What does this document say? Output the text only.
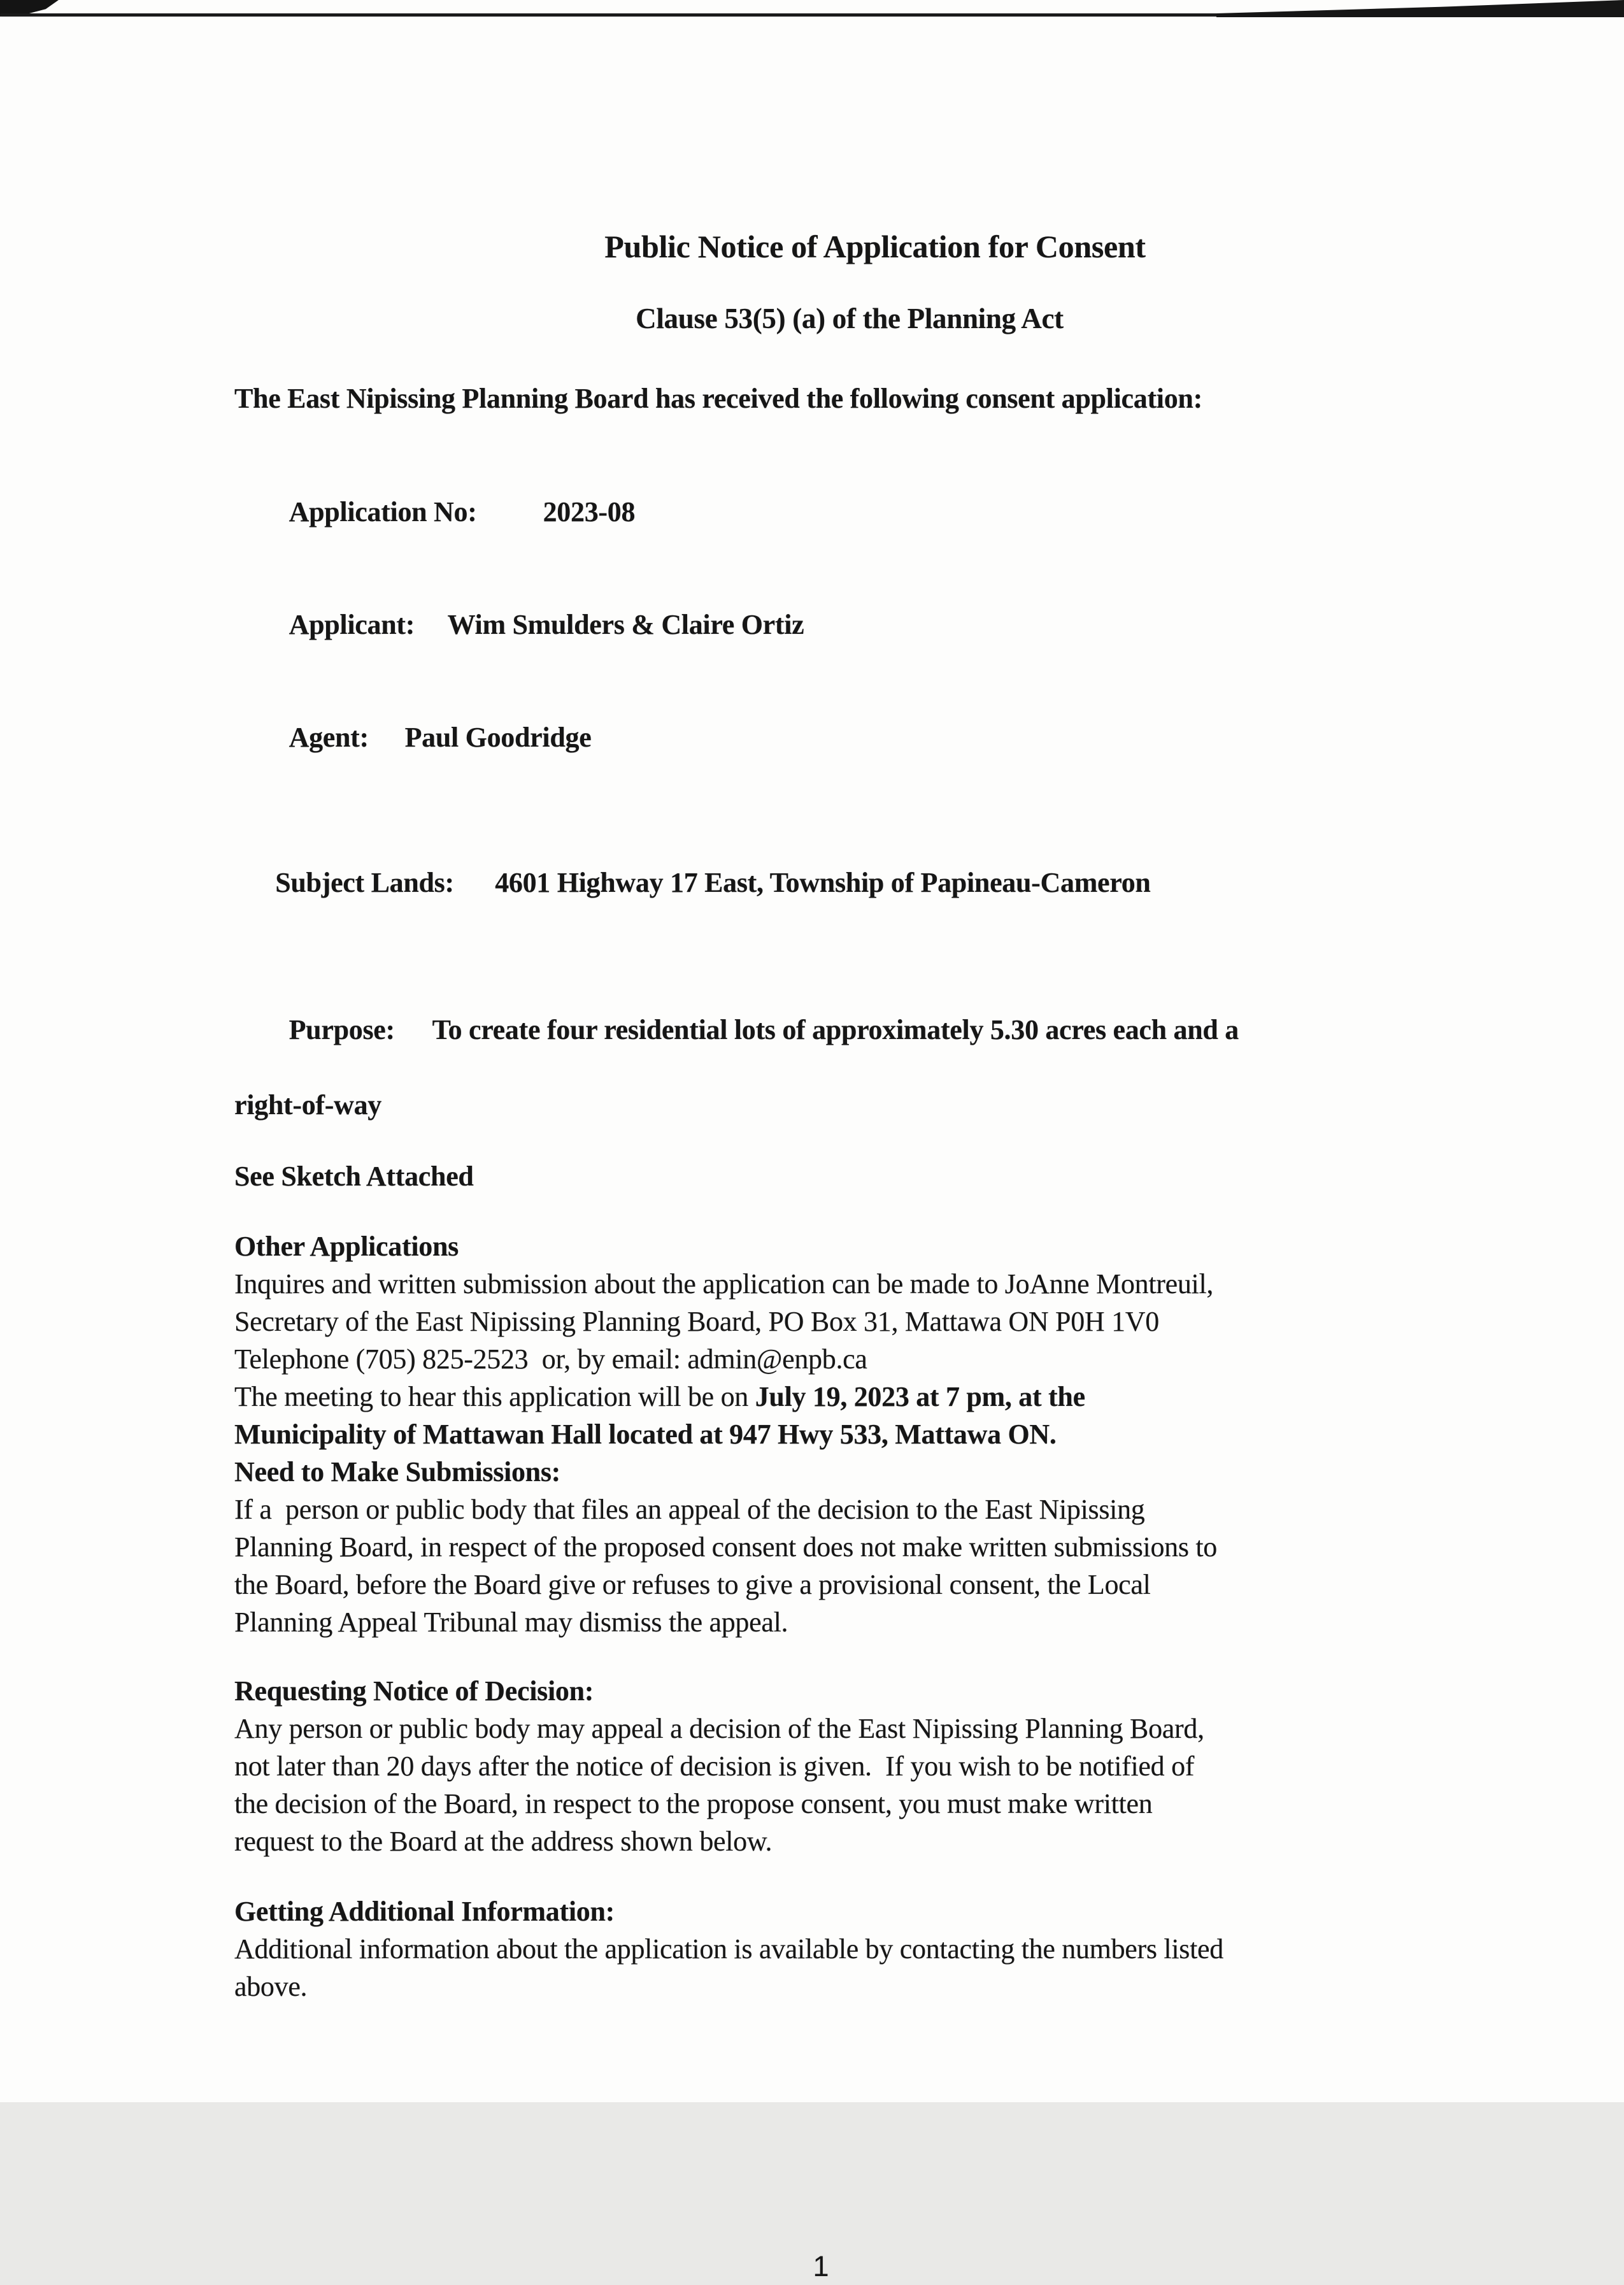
Public Notice of Application for Consent
Clause 53(5) (a) of the Planning Act
The East Nipissing Planning Board has received the following consent application:

Application No: 2023-08

Applicant: Wim Smulders & Claire Ortiz

Agent: Paul Goodridge

Subject Lands: 4601 Highway 17 East, Township of Papineau-Cameron

Purpose: To create four residential lots of approximately 5.30 acres each and a

right-of-way
See Sketch Attached
Other Applications
Inquires and written submission about the application can be made to JoAnne Montreuil,
Secretary of the East Nipissing Planning Board, PO Box 31, Mattawa ON P0H 1V0
Telephone (705) 825-2523  or, by email: admin@enpb.ca
The meeting to hear this application will be on July 19, 2023 at 7 pm, at the
Municipality of Mattawan Hall located at 947 Hwy 533, Mattawa ON.
Need to Make Submissions:
If a  person or public body that files an appeal of the decision to the East Nipissing
Planning Board, in respect of the proposed consent does not make written submissions to
the Board, before the Board give or refuses to give a provisional consent, the Local
Planning Appeal Tribunal may dismiss the appeal.
Requesting Notice of Decision:
Any person or public body may appeal a decision of the East Nipissing Planning Board,
not later than 20 days after the notice of decision is given.  If you wish to be notified of
the decision of the Board, in respect to the propose consent, you must make written
request to the Board at the address shown below.
Getting Additional Information:
Additional information about the application is available by contacting the numbers listed
above.
1
